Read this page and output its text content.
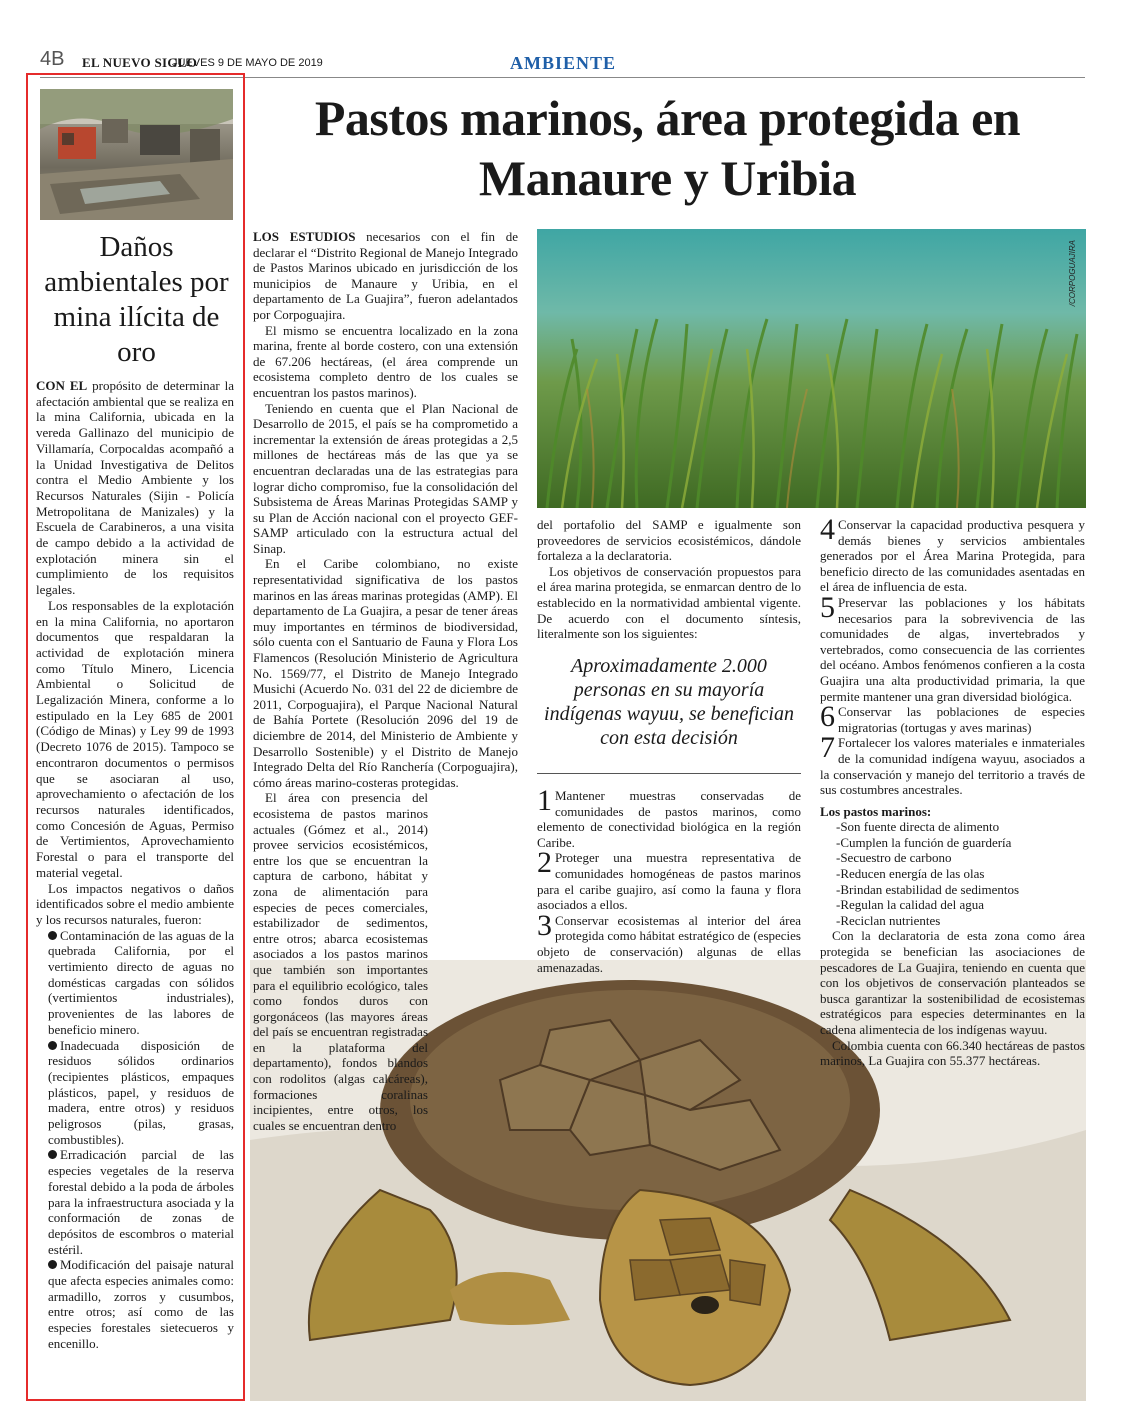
4B EL NUEVO SIGLO
JUEVES 9 DE MAYO DE 2019	AMBIENTE
Daños ambientales por mina ilícita de oro

CON EL propósito de determinar la afectación ambiental que se realiza en la mina California, ubicada en la vereda Gallinazo del municipio de Villamaría, Corpocaldas acompañó a la Unidad Investigativa de Delitos contra el Medio Ambiente y los Recursos Naturales (Sijin - Policía Metropolitana de Manizales) y la Escuela de Carabineros, a una visita de campo debido a la actividad de explotación minera sin el cumplimiento de los requisitos legales.

Los responsables de la explotación en la mina California, no aportaron documentos que respaldaran la actividad de explotación minera como Título Minero, Licencia Ambiental o Solicitud de Legalización Minera, conforme a lo estipulado en la Ley 685 de 2001 (Código de Minas) y Ley 99 de 1993 (Decreto 1076 de 2015). Tampoco se encontraron documentos o permisos que se asociaran al uso, aprovechamiento o afectación de los recursos naturales identificados, como Concesión de Aguas, Permiso de Vertimientos, Aprovechamiento Forestal o para el transporte del material vegetal.

Los impactos negativos o daños identificados sobre el medio ambiente y los recursos naturales, fueron:

Contaminación de las aguas de la quebrada California, por el vertimiento directo de aguas no domésticas cargadas con sólidos (vertimientos industriales), provenientes de las labores de beneficio minero.

Inadecuada disposición de residuos sólidos ordinarios (recipientes plásticos, empaques plásticos, papel, y residuos de madera, entre otros) y residuos peligrosos (pilas, grasas, combustibles).

Erradicación parcial de las especies vegetales de la reserva forestal debido a la poda de árboles para la infraestructura asociada y la conformación de zonas de depósitos de escombros o material estéril.

Modificación del paisaje natural que afecta especies animales como: armadillo, zorros y cusumbos, entre otros; así como de las especies forestales sietecueros y encenillo.

Pastos marinos, área protegida en Manaure y Uribia
/CORPOGUAJIRA

LOS ESTUDIOS necesarios con el fin de declarar el “Distrito Regional de Manejo Integrado de Pastos Marinos ubicado en jurisdicción de los municipios de Manaure y Uribia, en el departamento de La Guajira”, fueron adelantados por Corpoguajira.

El mismo se encuentra localizado en la zona marina, frente al borde costero, con una extensión de 67.206 hectáreas, (el área comprende un ecosistema completo dentro de los cuales se encuentran los pastos marinos).

Teniendo en cuenta que el Plan Nacional de Desarrollo de 2015, el país se ha comprometido a incrementar la extensión de áreas protegidas a 2,5 millones de hectáreas más de las que ya se encuentran declaradas una de las estrategias para lograr dicho compromiso, fue la consolidación del Subsistema de Áreas Marinas Protegidas SAMP y su Plan de Acción nacional con el proyecto GEF-SAMP articulado con la estructura actual del Sinap.

En el Caribe colombiano, no existe representatividad significativa de los pastos marinos en las áreas marinas protegidas (AMP). El departamento de La Guajira, a pesar de tener áreas muy importantes en términos de biodiversidad, sólo cuenta con el Santuario de Fauna y Flora Los Flamencos (Resolución Ministerio de Agricultura No. 1569/77, el Distrito de Manejo Integrado Musichi (Acuerdo No. 031 del 22 de diciembre de 2011, Corpoguajira), el Parque Nacional Natural de Bahía Portete (Resolución 2096 del 19 de diciembre de 2014, del Ministerio de Ambiente y Desarrollo Sostenible) y el Distrito de Manejo Integrado Delta del Río Ranchería (Corpoguajira), cómo áreas marino-costeras protegidas.

El área con presencia del ecosistema de pastos marinos actuales (Gómez et al., 2014) provee servicios ecosistémicos, entre los que se encuentran la captura de carbono, hábitat y zona de alimentación para especies de peces comerciales, estabilizador de sedimentos, entre otros; abarca ecosistemas asociados a los pastos marinos que también son importantes para el equilibrio ecológico, tales como fondos duros con gorgonáceos (las mayores áreas del país se encuentran registradas en la plataforma del departamento), fondos blandos con rodolitos (algas calcáreas), formaciones coralinas incipientes, entre otros, los cuales se encuentran dentro

del portafolio del SAMP e igualmente son proveedores de servicios ecosistémicos, dándole fortaleza a la declaratoria.

Los objetivos de conservación propuestos para el área marina protegida, se enmarcan dentro de lo establecido en la normatividad ambiental vigente. De acuerdo con el documento síntesis, literalmente son los siguientes:

Aproximadamente 2.000 personas en su mayoría indígenas wayuu, se benefician con esta decisión

1 Mantener muestras conservadas de comunidades de pastos marinos, como elemento de conectividad biológica en la región Caribe.

2 Proteger una muestra representativa de comunidades homogéneas de pastos marinos para el caribe guajiro, así como la fauna y flora asociados a ellos.

3 Conservar ecosistemas al interior del área protegida como hábitat estratégico de (especies objeto de conservación) algunas de ellas amenazadas.

4 Conservar la capacidad productiva pesquera y demás bienes y servicios ambientales generados por el Área Marina Protegida, para beneficio directo de las comunidades asentadas en el área de influencia de esta.

5 Preservar las poblaciones y los hábitats necesarios para la sobrevivencia de las comunidades de algas, invertebrados y vertebrados, como consecuencia de las corrientes del océano. Ambos fenómenos confieren a la costa Guajira una alta productividad primaria, la que permite mantener una gran diversidad biológica.

6 Conservar las poblaciones de especies migratorias (tortugas y aves marinas)

7 Fortalecer los valores materiales e inmateriales de la comunidad indígena wayuu, asociados a la conservación y manejo del territorio a través de sus costumbres ancestrales.

Los pastos marinos:

-Son fuente directa de alimento
-Cumplen la función de guardería
-Secuestro de carbono
-Reducen energía de las olas
-Brindan estabilidad de sedimentos
-Regulan la calidad del agua
-Reciclan nutrientes

Con la declaratoria de esta zona como área protegida se benefician las asociaciones de pescadores de La Guajira, teniendo en cuenta que con los objetivos de conservación planteados se busca garantizar la sostenibilidad de ecosistemas estratégicos para especies determinantes en la cadena alimentecia de los indígenas wayuu.

Colombia cuenta con 66.340 hectáreas de pastos marinos, La Guajira con 55.377 hectáreas.
